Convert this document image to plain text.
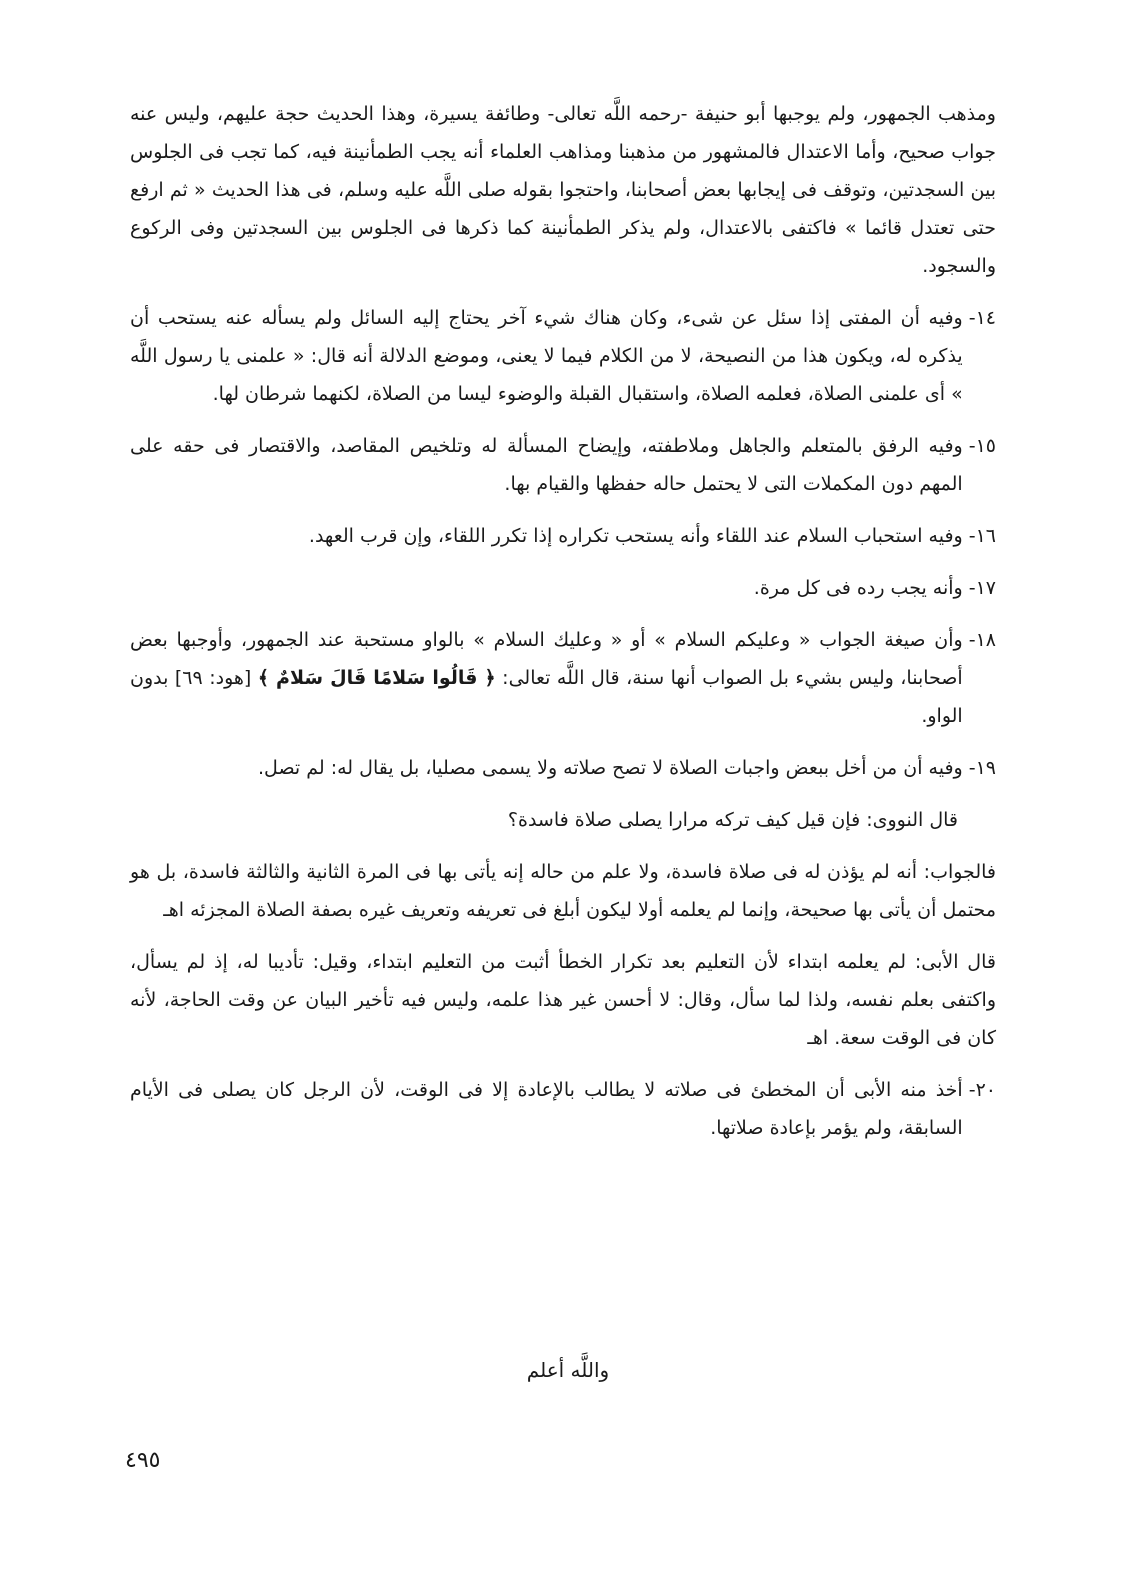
ومذهب الجمهور، ولم يوجبها أبو حنيفة -رحمه اللَّه تعالى- وطائفة يسيرة، وهذا الحديث حجة عليهم، وليس عنه جواب صحيح، وأما الاعتدال فالمشهور من مذهبنا ومذاهب العلماء أنه يجب الطمأنينة فيه، كما تجب فى الجلوس بين السجدتين، وتوقف فى إيجابها بعض أصحابنا، واحتجوا بقوله صلى اللَّه عليه وسلم، فى هذا الحديث « ثم ارفع حتى تعتدل قائما » فاكتفى بالاعتدال، ولم يذكر الطمأنينة كما ذكرها فى الجلوس بين السجدتين وفى الركوع والسجود.

١٤-
وفيه أن المفتى إذا سئل عن شىء، وكان هناك شيء آخر يحتاج إليه السائل ولم يسأله عنه يستحب أن يذكره له، ويكون هذا من النصيحة، لا من الكلام فيما لا يعنى، وموضع الدلالة أنه قال: « علمنى يا رسول اللَّه » أى علمنى الصلاة، فعلمه الصلاة، واستقبال القبلة والوضوء ليسا من الصلاة، لكنهما شرطان لها.
١٥-
وفيه الرفق بالمتعلم والجاهل وملاطفته، وإيضاح المسألة له وتلخيص المقاصد، والاقتصار فى حقه على المهم دون المكملات التى لا يحتمل حاله حفظها والقيام بها.
١٦-
وفيه استحباب السلام عند اللقاء وأنه يستحب تكراره إذا تكرر اللقاء، وإن قرب العهد.
١٧-
وأنه يجب رده فى كل مرة.
١٨-
وأن صيغة الجواب « وعليكم السلام » أو « وعليك السلام » بالواو مستحبة عند الجمهور، وأوجبها بعض أصحابنا، وليس بشيء بل الصواب أنها سنة، قال اللَّه تعالى: ﴿ قَالُوا سَلامًا قَالَ سَلامٌ ﴾ [هود: ٦٩] بدون الواو.
١٩-
وفيه أن من أخل ببعض واجبات الصلاة لا تصح صلاته ولا يسمى مصليا، بل يقال له: لم تصل.

قال النووى: فإن قيل كيف تركه مرارا يصلى صلاة فاسدة؟

فالجواب: أنه لم يؤذن له فى صلاة فاسدة، ولا علم من حاله إنه يأتى بها فى المرة الثانية والثالثة فاسدة، بل هو محتمل أن يأتى بها صحيحة، وإنما لم يعلمه أولا ليكون أبلغ فى تعريفه وتعريف غيره بصفة الصلاة المجزئه اهـ

قال الأبى: لم يعلمه ابتداء لأن التعليم بعد تكرار الخطأ أثبت من التعليم ابتداء، وقيل: تأديبا له، إذ لم يسأل، واكتفى بعلم نفسه، ولذا لما سأل، وقال: لا أحسن غير هذا علمه، وليس فيه تأخير البيان عن وقت الحاجة، لأنه كان فى الوقت سعة. اهـ

٢٠-
أخذ منه الأبى أن المخطئ فى صلاته لا يطالب بالإعادة إلا فى الوقت، لأن الرجل كان يصلى فى الأيام السابقة، ولم يؤمر بإعادة صلاتها.
واللَّه أعلم
٤٩٥
